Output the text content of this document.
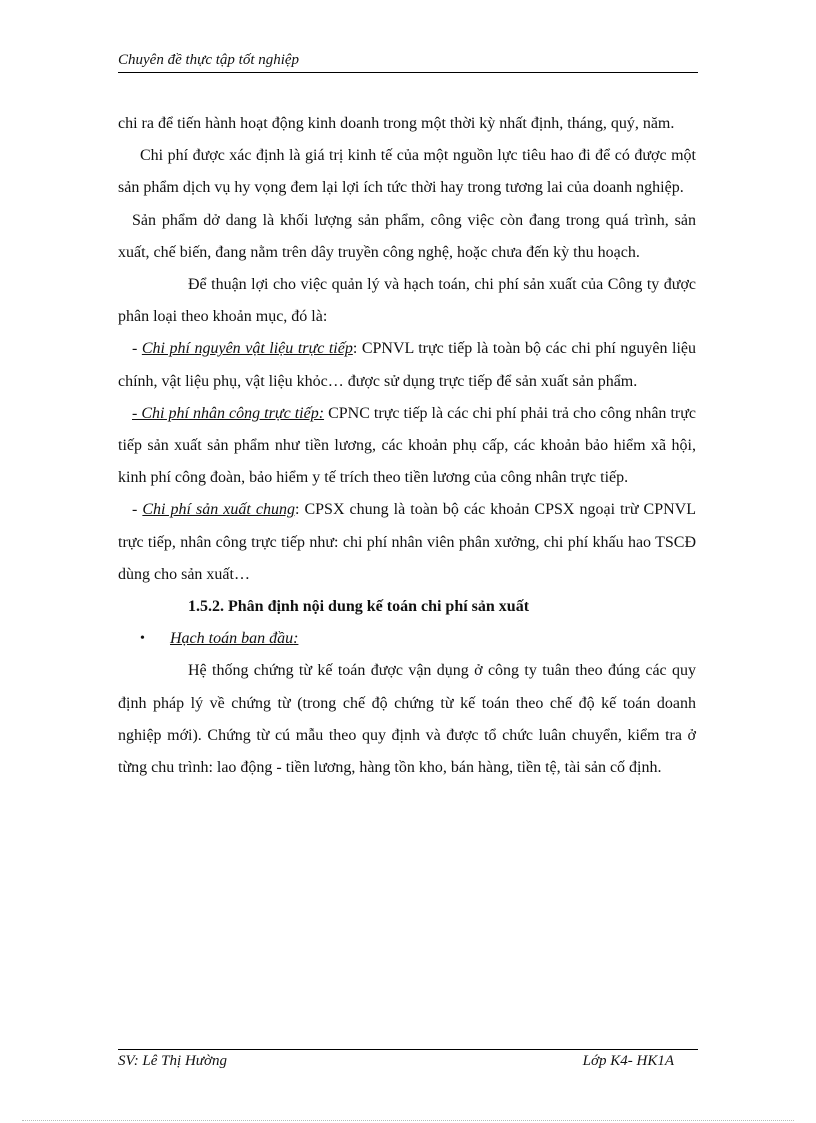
Chuyên đề thực tập tốt nghiệp

chi ra để tiến hành hoạt động kinh doanh trong một thời kỳ nhất định, tháng, quý, năm.

Chi phí được xác định là giá trị kinh tế của một nguồn lực tiêu hao đi để có được một sản phẩm dịch vụ hy vọng đem lại lợi ích tức thời hay trong tương lai của doanh nghiệp.

Sản phẩm dở dang là khối lượng sản phẩm, công việc còn đang trong quá trình, sản xuất, chế biến, đang nằm trên dây truyền công nghệ, hoặc chưa đến kỳ thu hoạch.

Để thuận lợi cho việc quản lý và hạch toán, chi phí sản xuất của Công ty được phân loại theo khoản mục, đó là:

- Chi phí nguyên vật liệu trực tiếp: CPNVL trực tiếp là toàn bộ các chi phí nguyên liệu chính, vật liệu phụ, vật liệu khỏc… được sử dụng trực tiếp để sản xuất sản phẩm.

- Chi phí nhân công trực tiếp: CPNC trực tiếp là các chi phí phải trả cho công nhân trực tiếp sản xuất sản phẩm như tiền lương, các khoản phụ cấp, các khoản bảo hiểm xã hội, kinh phí công đoàn, bảo hiểm y tế trích theo tiền lương của công nhân trực tiếp.

- Chi phí sản xuất chung: CPSX chung là toàn bộ các khoản CPSX ngoại trừ CPNVL trực tiếp, nhân công trực tiếp như: chi phí nhân viên phân xưởng, chi phí khấu hao TSCĐ dùng cho sản xuất…

1.5.2. Phân định nội dung kế toán chi phí sản xuất

• Hạch toán ban đầu:

Hệ thống chứng từ kế toán được vận dụng ở công ty tuân theo đúng các quy định pháp lý về chứng từ (trong chế độ chứng từ kế toán theo chế độ kế toán doanh nghiệp mới). Chứng từ cú mẫu theo quy định và được tổ chức luân chuyển, kiểm tra ở từng chu trình: lao động - tiền lương, hàng tồn kho, bán hàng, tiền tệ, tài sản cố định.

SV: Lê Thị Hường	Lớp K4- HK1A
